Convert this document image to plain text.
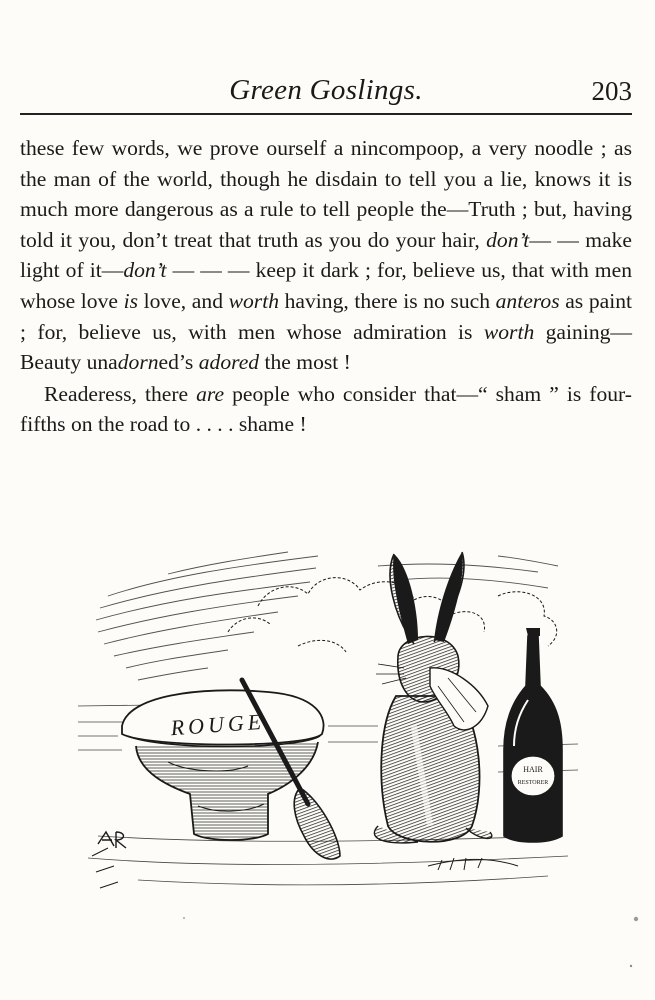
Green Goslings.	203

these few words, we prove ourself a nincompoop, a very noodle ; as the man of the world, though he disdain to tell you a lie, knows it is much more dangerous as a rule to tell people the—Truth ; but, having told it you, don’t treat that truth as you do your hair, don’t— — make light of it—don’t — — — keep it dark ; for, believe us, that with men whose love is love, and worth having, there is no such anteros as paint ; for, believe us, with men whose admiration is worth gaining—Beauty unadorned’s adored the most !

Readeress, there are people who consider that—“ sham ” is four-fifths on the road to . . . . shame !

ROUGE
HAIR
RESTORER
